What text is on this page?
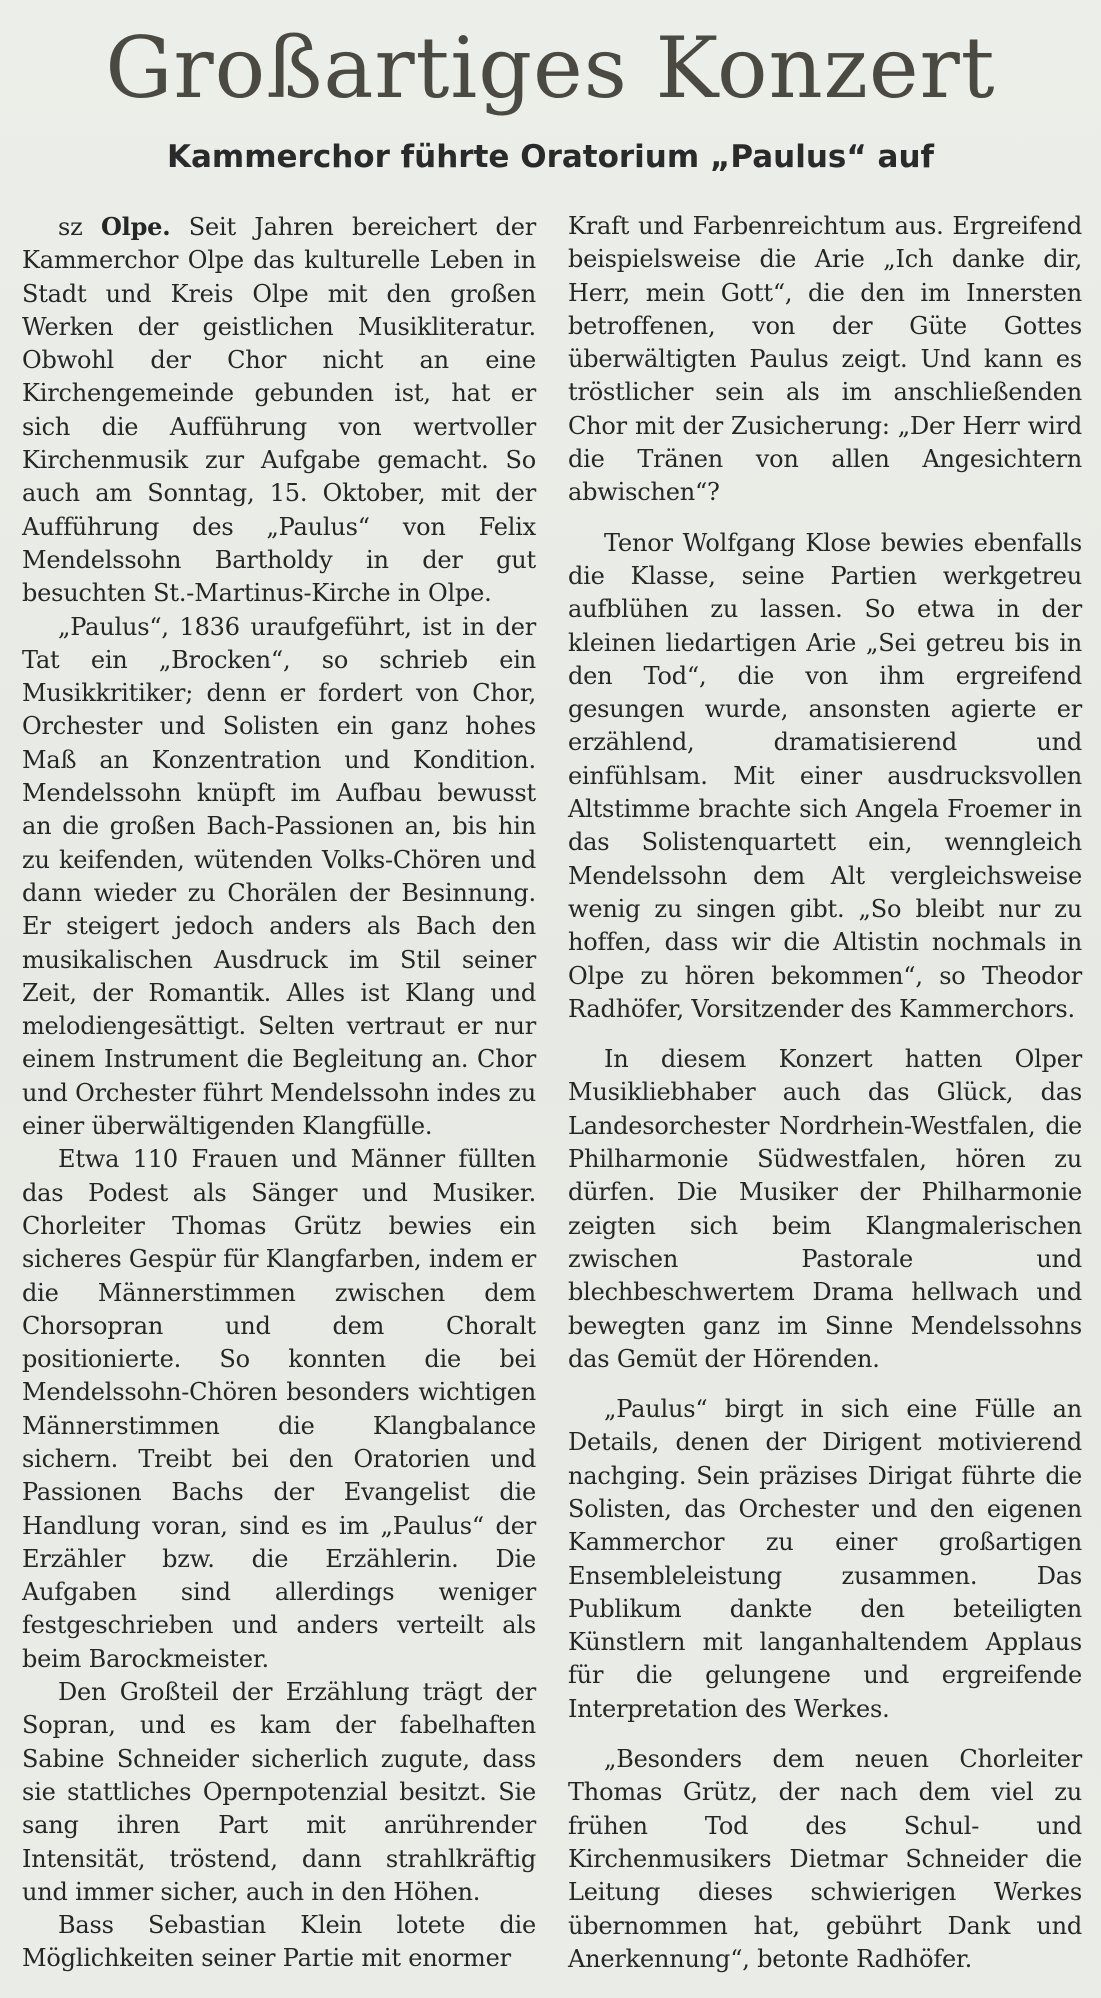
Großartiges Konzert
Kammerchor führte Oratorium „Paulus“ auf

sz Olpe. Seit Jahren bereichert der Kammerchor Olpe das kulturelle Leben in Stadt und Kreis Olpe mit den großen Werken der geistlichen Musikliteratur. Obwohl der Chor nicht an eine Kirchengemeinde gebunden ist, hat er sich die Aufführung von wertvoller Kirchenmusik zur Aufgabe gemacht. So auch am Sonntag, 15. Oktober, mit der Aufführung des „Paulus“ von Felix Mendelssohn Bartholdy in der gut besuchten St.-Martinus-Kirche in Olpe.

„Paulus“, 1836 uraufgeführt, ist in der Tat ein „Brocken“, so schrieb ein Musikkritiker; denn er fordert von Chor, Orchester und Solisten ein ganz hohes Maß an Konzentration und Kondition. Mendelssohn knüpft im Aufbau bewusst an die großen Bach-Passionen an, bis hin zu keifenden, wütenden Volks-Chören und dann wieder zu Chorälen der Besinnung. Er steigert jedoch anders als Bach den musikalischen Ausdruck im Stil seiner Zeit, der Romantik. Alles ist Klang und melodiengesättigt. Selten vertraut er nur einem Instrument die Begleitung an. Chor und Orchester führt Mendelssohn indes zu einer überwältigenden Klangfülle.

Etwa 110 Frauen und Männer füllten das Podest als Sänger und Musiker. Chorleiter Thomas Grütz bewies ein sicheres Gespür für Klangfarben, indem er die Männerstimmen zwischen dem Chorsopran und dem Choralt positionierte. So konnten die bei Mendelssohn-Chören besonders wichtigen Männerstimmen die Klangbalance sichern. Treibt bei den Oratorien und Passionen Bachs der Evangelist die Handlung voran, sind es im „Paulus“ der Erzähler bzw. die Erzählerin. Die Aufgaben sind allerdings weniger festgeschrieben und anders verteilt als beim Barockmeister.

Den Großteil der Erzählung trägt der Sopran, und es kam der fabelhaften Sabine Schneider sicherlich zugute, dass sie stattliches Opernpotenzial besitzt. Sie sang ihren Part mit anrührender Intensität, tröstend, dann strahlkräftig und immer sicher, auch in den Höhen.

Bass Sebastian Klein lotete die Möglichkeiten seiner Partie mit enormer

Kraft und Farbenreichtum aus. Ergreifend beispielsweise die Arie „Ich danke dir, Herr, mein Gott“, die den im Innersten betroffenen, von der Güte Gottes überwältigten Paulus zeigt. Und kann es tröstlicher sein als im anschließenden Chor mit der Zusicherung: „Der Herr wird die Tränen von allen Angesichtern abwischen“?

Tenor Wolfgang Klose bewies ebenfalls die Klasse, seine Partien werkgetreu aufblühen zu lassen. So etwa in der kleinen liedartigen Arie „Sei getreu bis in den Tod“, die von ihm ergreifend gesungen wurde, ansonsten agierte er erzählend, dramatisierend und einfühlsam. Mit einer ausdrucksvollen Altstimme brachte sich Angela Froemer in das Solistenquartett ein, wenngleich Mendelssohn dem Alt vergleichsweise wenig zu singen gibt. „So bleibt nur zu hoffen, dass wir die Altistin nochmals in Olpe zu hören bekommen“, so Theodor Radhöfer, Vorsitzender des Kammerchors.

In diesem Konzert hatten Olper Musikliebhaber auch das Glück, das Landesorchester Nordrhein-Westfalen, die Philharmonie Südwestfalen, hören zu dürfen. Die Musiker der Philharmonie zeigten sich beim Klangmalerischen zwischen Pastorale und blechbeschwertem Drama hellwach und bewegten ganz im Sinne Mendelssohns das Gemüt der Hörenden.

„Paulus“ birgt in sich eine Fülle an Details, denen der Dirigent motivierend nachging. Sein präzises Dirigat führte die Solisten, das Orchester und den eigenen Kammerchor zu einer großartigen Ensembleleistung zusammen. Das Publikum dankte den beteiligten Künstlern mit langanhaltendem Applaus für die gelungene und ergreifende Interpretation des Werkes.

„Besonders dem neuen Chorleiter Thomas Grütz, der nach dem viel zu frühen Tod des Schul- und Kirchenmusikers Dietmar Schneider die Leitung dieses schwierigen Werkes übernommen hat, gebührt Dank und Anerkennung“, betonte Radhöfer.
